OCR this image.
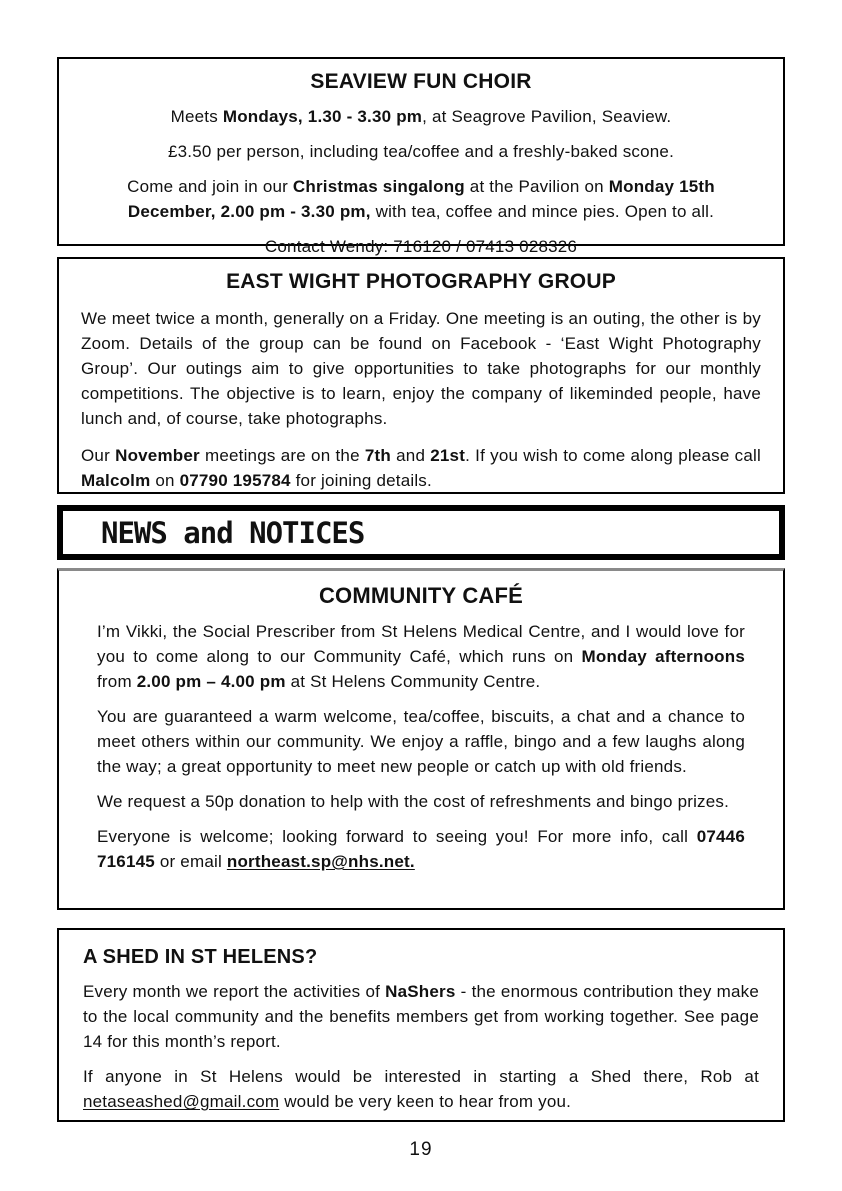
SEAVIEW FUN CHOIR

Meets Mondays, 1.30 - 3.30 pm, at Seagrove Pavilion, Seaview.

£3.50 per person, including tea/coffee and a freshly-baked scone.

Come and join in our Christmas singalong at the Pavilion on Monday 15th December, 2.00 pm - 3.30 pm, with tea, coffee and mince pies. Open to all.

Contact Wendy: 716120 / 07413 028326

EAST WIGHT PHOTOGRAPHY GROUP

We meet twice a month, generally on a Friday. One meeting is an outing, the other is by Zoom. Details of the group can be found on Facebook - ‘East Wight Photography Group’. Our outings aim to give opportunities to take photographs for our monthly competitions. The objective is to learn, enjoy the company of likeminded people, have lunch and, of course, take photographs.

Our November meetings are on the 7th and 21st. If you wish to come along please call Malcolm on 07790 195784 for joining details.

NEWS and NOTICES
COMMUNITY CAFÉ

I’m Vikki, the Social Prescriber from St Helens Medical Centre, and I would love for you to come along to our Community Café, which runs on Monday afternoons from 2.00 pm – 4.00 pm at St Helens Community Centre.

You are guaranteed a warm welcome, tea/coffee, biscuits, a chat and a chance to meet others within our community. We enjoy a raffle, bingo and a few laughs along the way; a great opportunity to meet new people or catch up with old friends.

We request a 50p donation to help with the cost of refreshments and bingo prizes.

Everyone is welcome; looking forward to seeing you! For more info, call 07446 716145 or email northeast.sp@nhs.net.

A SHED IN ST HELENS?

Every month we report the activities of NaShers - the enormous contribution they make to the local community and the benefits members get from working together. See page 14 for this month’s report.

If anyone in St Helens would be interested in starting a Shed there, Rob at netaseashed@gmail.com would be very keen to hear from you.

19
